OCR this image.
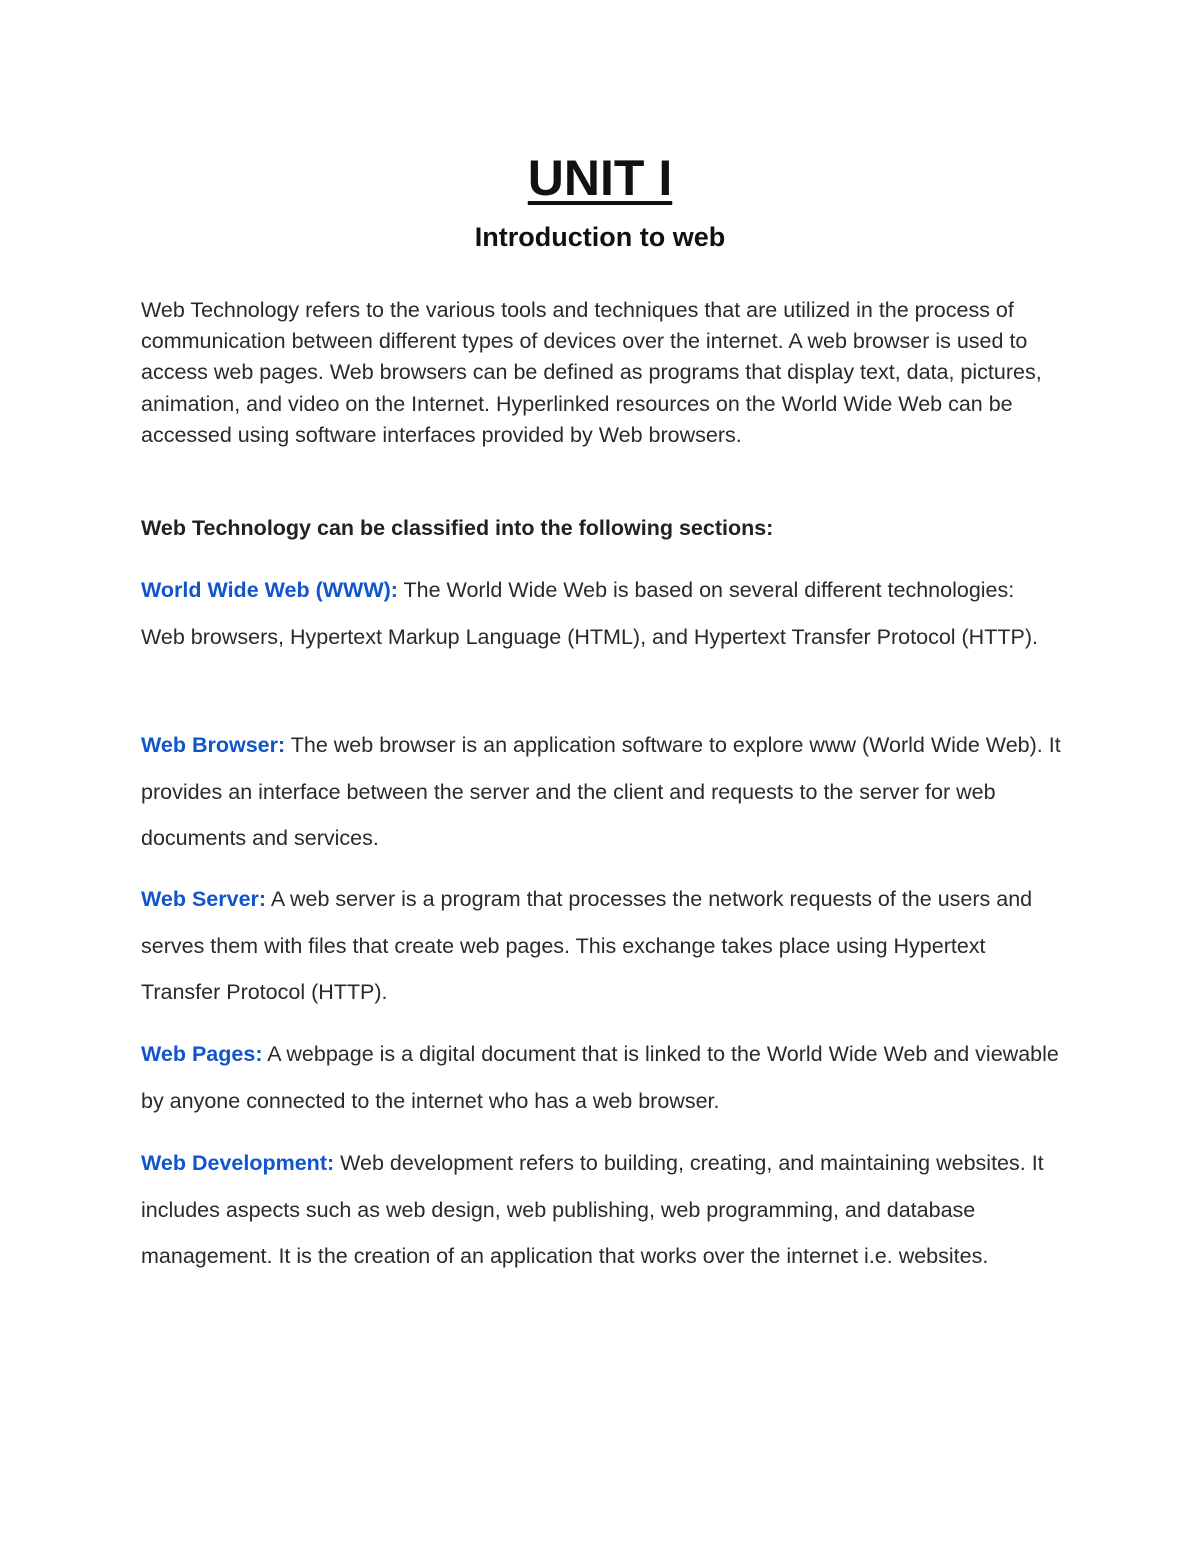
UNIT I
Introduction to web

Web Technology refers to the various tools and techniques that are utilized in the process of communication between different types of devices over the internet. A web browser is used to access web pages. Web browsers can be defined as programs that display text, data, pictures, animation, and video on the Internet. Hyperlinked resources on the World Wide Web can be accessed using software interfaces provided by Web browsers.

Web Technology can be classified into the following sections:

World Wide Web (WWW): The World Wide Web is based on several different technologies: Web browsers, Hypertext Markup Language (HTML), and Hypertext Transfer Protocol (HTTP).

Web Browser: The web browser is an application software to explore www (World Wide Web). It provides an interface between the server and the client and requests to the server for web documents and services.

Web Server: A web server is a program that processes the network requests of the users and serves them with files that create web pages. This exchange takes place using Hypertext Transfer Protocol (HTTP).

Web Pages: A webpage is a digital document that is linked to the World Wide Web and viewable by anyone connected to the internet who has a web browser.

Web Development: Web development refers to building, creating, and maintaining websites. It includes aspects such as web design, web publishing, web programming, and database management. It is the creation of an application that works over the internet i.e. websites.
